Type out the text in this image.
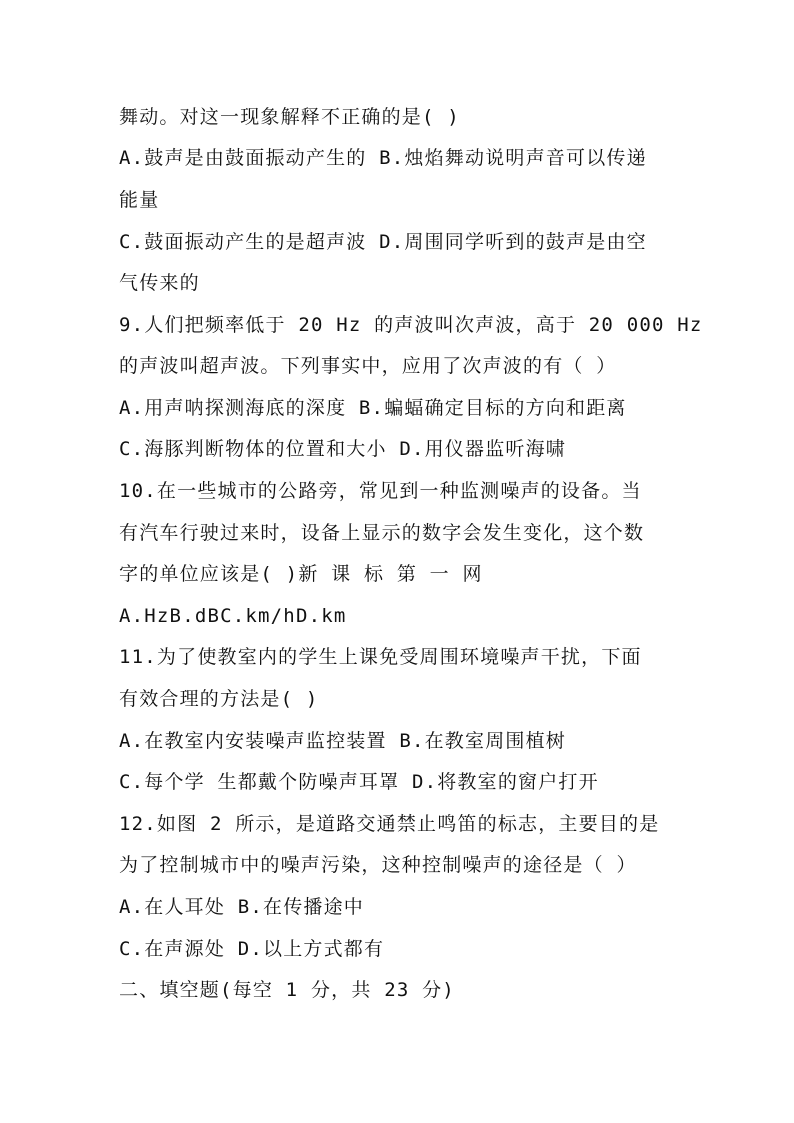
舞动。对这一现象解释不正确的是( )
A.鼓声是由鼓面振动产生的 B.烛焰舞动说明声音可以传递
能量
C.鼓面振动产生的是超声波 D.周围同学听到的鼓声是由空
气传来的
9.人们把频率低于 20 Hz 的声波叫次声波，高于 20 000 Hz
的声波叫超声波。下列事实中，应用了次声波的有（ ）
A.用声呐探测海底的深度 B.蝙蝠确定目标的方向和距离
C.海豚判断物体的位置和大小 D.用仪器监听海啸
10.在一些城市的公路旁，常见到一种监测噪声的设备。当
有汽车行驶过来时，设备上显示的数字会发生变化，这个数
字的单位应该是( )新 课 标 第 一 网
A.HzB.dBC.km/hD.km
11.为了使教室内的学生上课免受周围环境噪声干扰，下面
有效合理的方法是( )
A.在教室内安装噪声监控装置 B.在教室周围植树
C.每个学 生都戴个防噪声耳罩 D.将教室的窗户打开
12.如图 2 所示，是道路交通禁止鸣笛的标志，主要目的是
为了控制城市中的噪声污染，这种控制噪声的途径是（ ）
A.在人耳处 B.在传播途中
C.在声源处 D.以上方式都有
二、填空题(每空 1 分，共 23 分)
